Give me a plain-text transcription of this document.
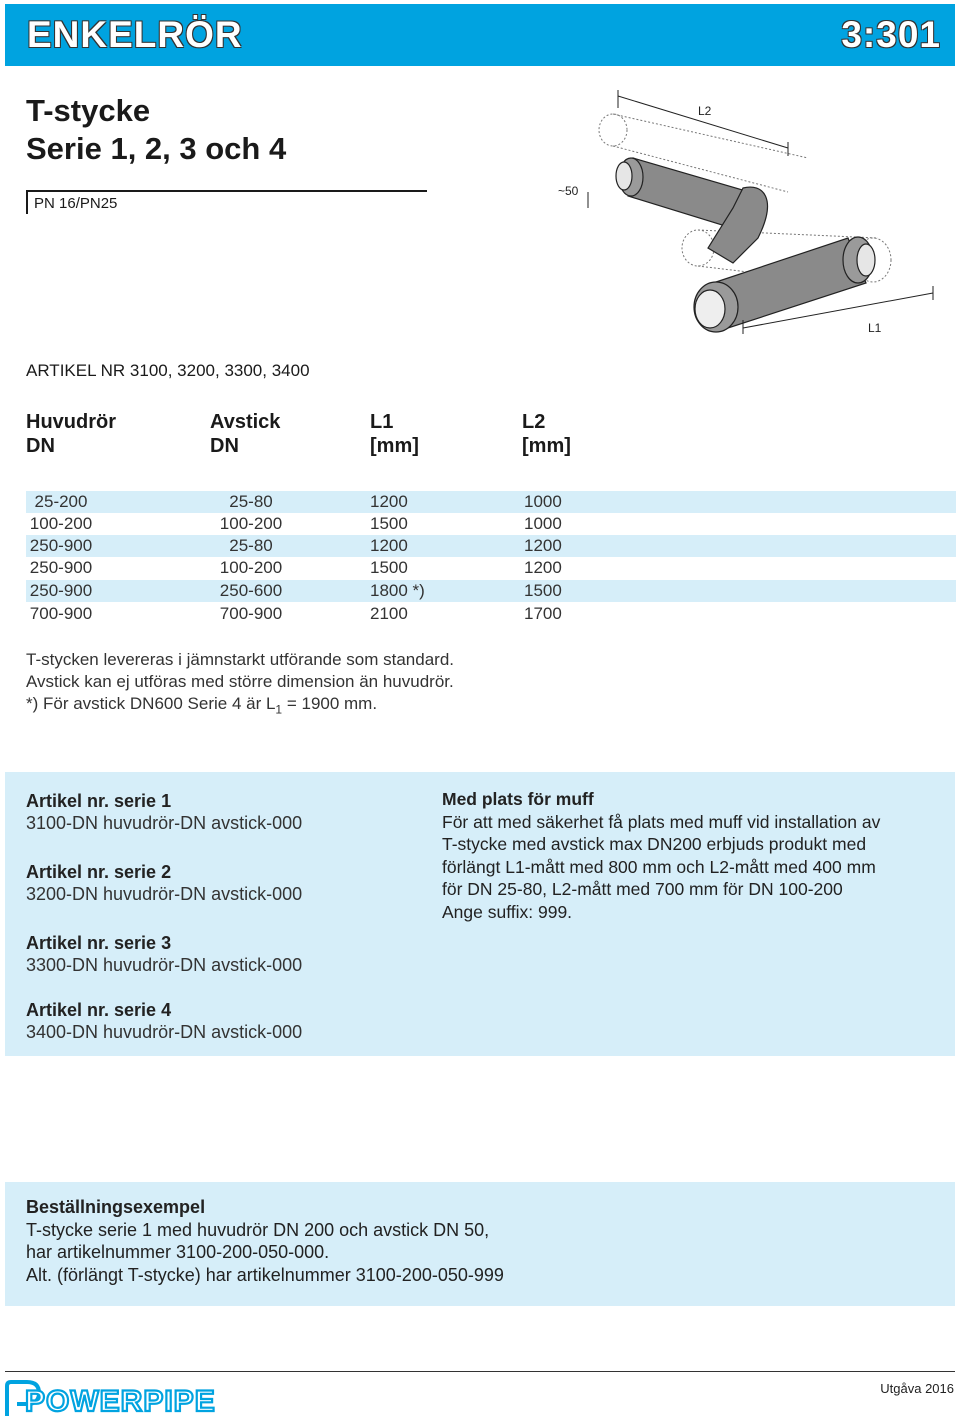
ENKELRÖR	3:301
T-stycke
Serie 1, 2, 3 och 4
PN 16/PN25
L2
~50
L1
ARTIKEL NR 3100, 3200, 3300, 3400
Huvudrör
DN
Avstick
DN
L1
[mm]
L2
[mm]
25-200	25-80	1200	1000
100-200	100-200	1500	1000
250-900	25-80	1200	1200
250-900	100-200	1500	1200
250-900	250-600	1800 *)	1500
700-900	700-900	2100	1700
T-stycken levereras i jämnstarkt utförande som standard.
Avstick kan ej utföras med större dimension än huvudrör.
*) För avstick DN600 Serie 4 är $L_1 = 1900$ mm.
Artikel nr. serie 1
3100-DN huvudrör-DN avstick-000
Artikel nr. serie 2
3200-DN huvudrör-DN avstick-000
Artikel nr. serie 3
3300-DN huvudrör-DN avstick-000
Artikel nr. serie 4
3400-DN huvudrör-DN avstick-000
Med plats för muff
För att med säkerhet få plats med muff vid installation av
T-stycke med avstick max DN200 erbjuds produkt med
förlängt L1-mått med 800 mm och L2-mått med 400 mm
för DN 25-80, L2-mått med 700 mm för DN 100-200
Ange suffix: 999.
Beställningsexempel
T-stycke serie 1 med huvudrör DN 200 och avstick DN 50,
har artikelnummer 3100-200-050-000.
Alt. (förlängt T-stycke) har artikelnummer 3100-200-050-999
POWERPIPE	Utgåva 2016
